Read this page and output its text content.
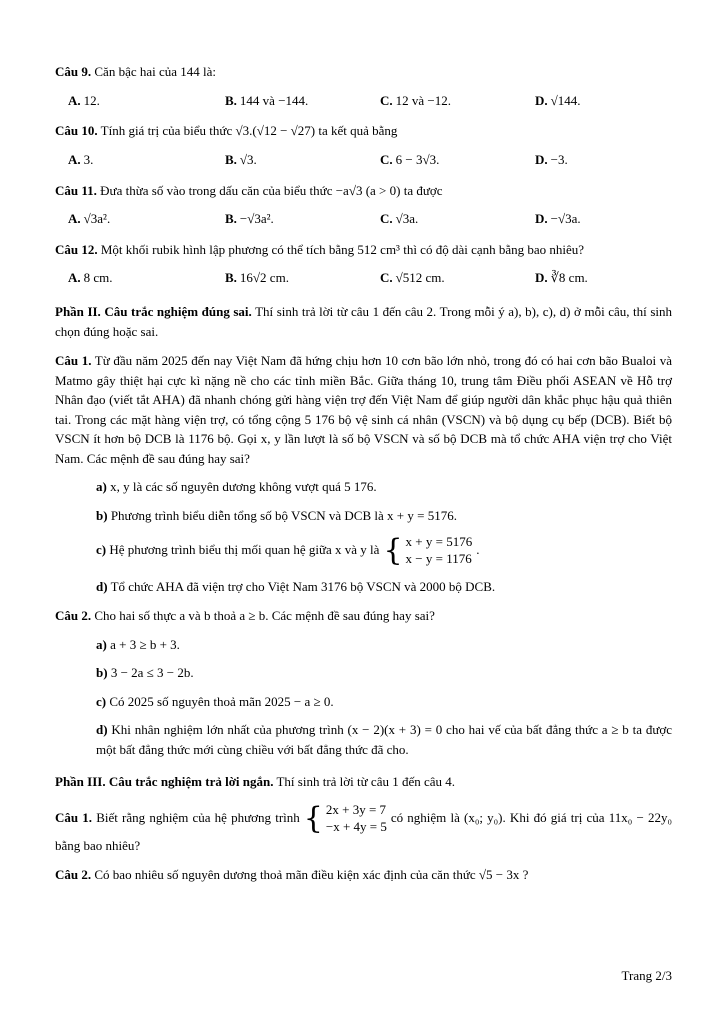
Câu 9. Căn bậc hai của 144 là:

A. 12.	B. 144 và −144.	C. 12 và −12.	D. √144.

Câu 10. Tính giá trị của biểu thức √3.(√12 − √27) ta kết quả bằng

A. 3.	B. √3.	C. 6 − 3√3.	D. −3.

Câu 11. Đưa thừa số vào trong dấu căn của biểu thức −a√3 (a > 0) ta được

A. √3a².	B. −√3a².	C. √3a.	D. −√3a.

Câu 12. Một khối rubik hình lập phương có thể tích bằng 512 cm³ thì có độ dài cạnh bằng bao nhiêu?

A. 8 cm.	B. 16√2 cm.	C. √512 cm.	D. ∛8 cm.

Phần II. Câu trắc nghiệm đúng sai. Thí sinh trả lời từ câu 1 đến câu 2. Trong mỗi ý a), b), c), d) ở mỗi câu, thí sinh chọn đúng hoặc sai.

Câu 1. Từ đầu năm 2025 đến nay Việt Nam đã hứng chịu hơn 10 cơn bão lớn nhỏ, trong đó có hai cơn bão Bualoi và Matmo gây thiệt hại cực kì nặng nề cho các tỉnh miền Bắc. Giữa tháng 10, trung tâm Điều phối ASEAN về Hỗ trợ Nhân đạo (viết tắt AHA) đã nhanh chóng gửi hàng viện trợ đến Việt Nam để giúp người dân khắc phục hậu quả thiên tai. Trong các mặt hàng viện trợ, có tổng cộng 5 176 bộ vệ sinh cá nhân (VSCN) và bộ dụng cụ bếp (DCB). Biết bộ VSCN ít hơn bộ DCB là 1176 bộ. Gọi x, y lần lượt là số bộ VSCN và số bộ DCB mà tổ chức AHA viện trợ cho Việt Nam. Các mệnh đề sau đúng hay sai?

a) x, y là các số nguyên dương không vượt quá 5 176.

b) Phương trình biểu diễn tổng số bộ VSCN và DCB là x + y = 5176.

c) Hệ phương trình biểu thị mối quan hệ giữa x và y là { x + y = 5176
x − y = 1176
.

d) Tổ chức AHA đã viện trợ cho Việt Nam 3176 bộ VSCN và 2000 bộ DCB.

Câu 2. Cho hai số thực a và b thoả a ≥ b. Các mệnh đề sau đúng hay sai?

a) a + 3 ≥ b + 3.

b) 3 − 2a ≤ 3 − 2b.

c) Có 2025 số nguyên thoả mãn 2025 − a ≥ 0.

d) Khi nhân nghiệm lớn nhất của phương trình (x − 2)(x + 3) = 0 cho hai vế của bất đẳng thức a ≥ b ta được một bất đẳng thức mới cùng chiều với bất đẳng thức đã cho.

Phần III. Câu trắc nghiệm trả lời ngắn. Thí sinh trả lời từ câu 1 đến câu 4.

Câu 1. Biết rằng nghiệm của hệ phương trình { 2x + 3y = 7
−x + 4y = 5
có nghiệm là (x₀; y₀). Khi đó giá trị của 11x₀ − 22y₀ bằng bao nhiêu?

Câu 2. Có bao nhiêu số nguyên dương thoả mãn điều kiện xác định của căn thức √5 − 3x ?

Trang 2/3
